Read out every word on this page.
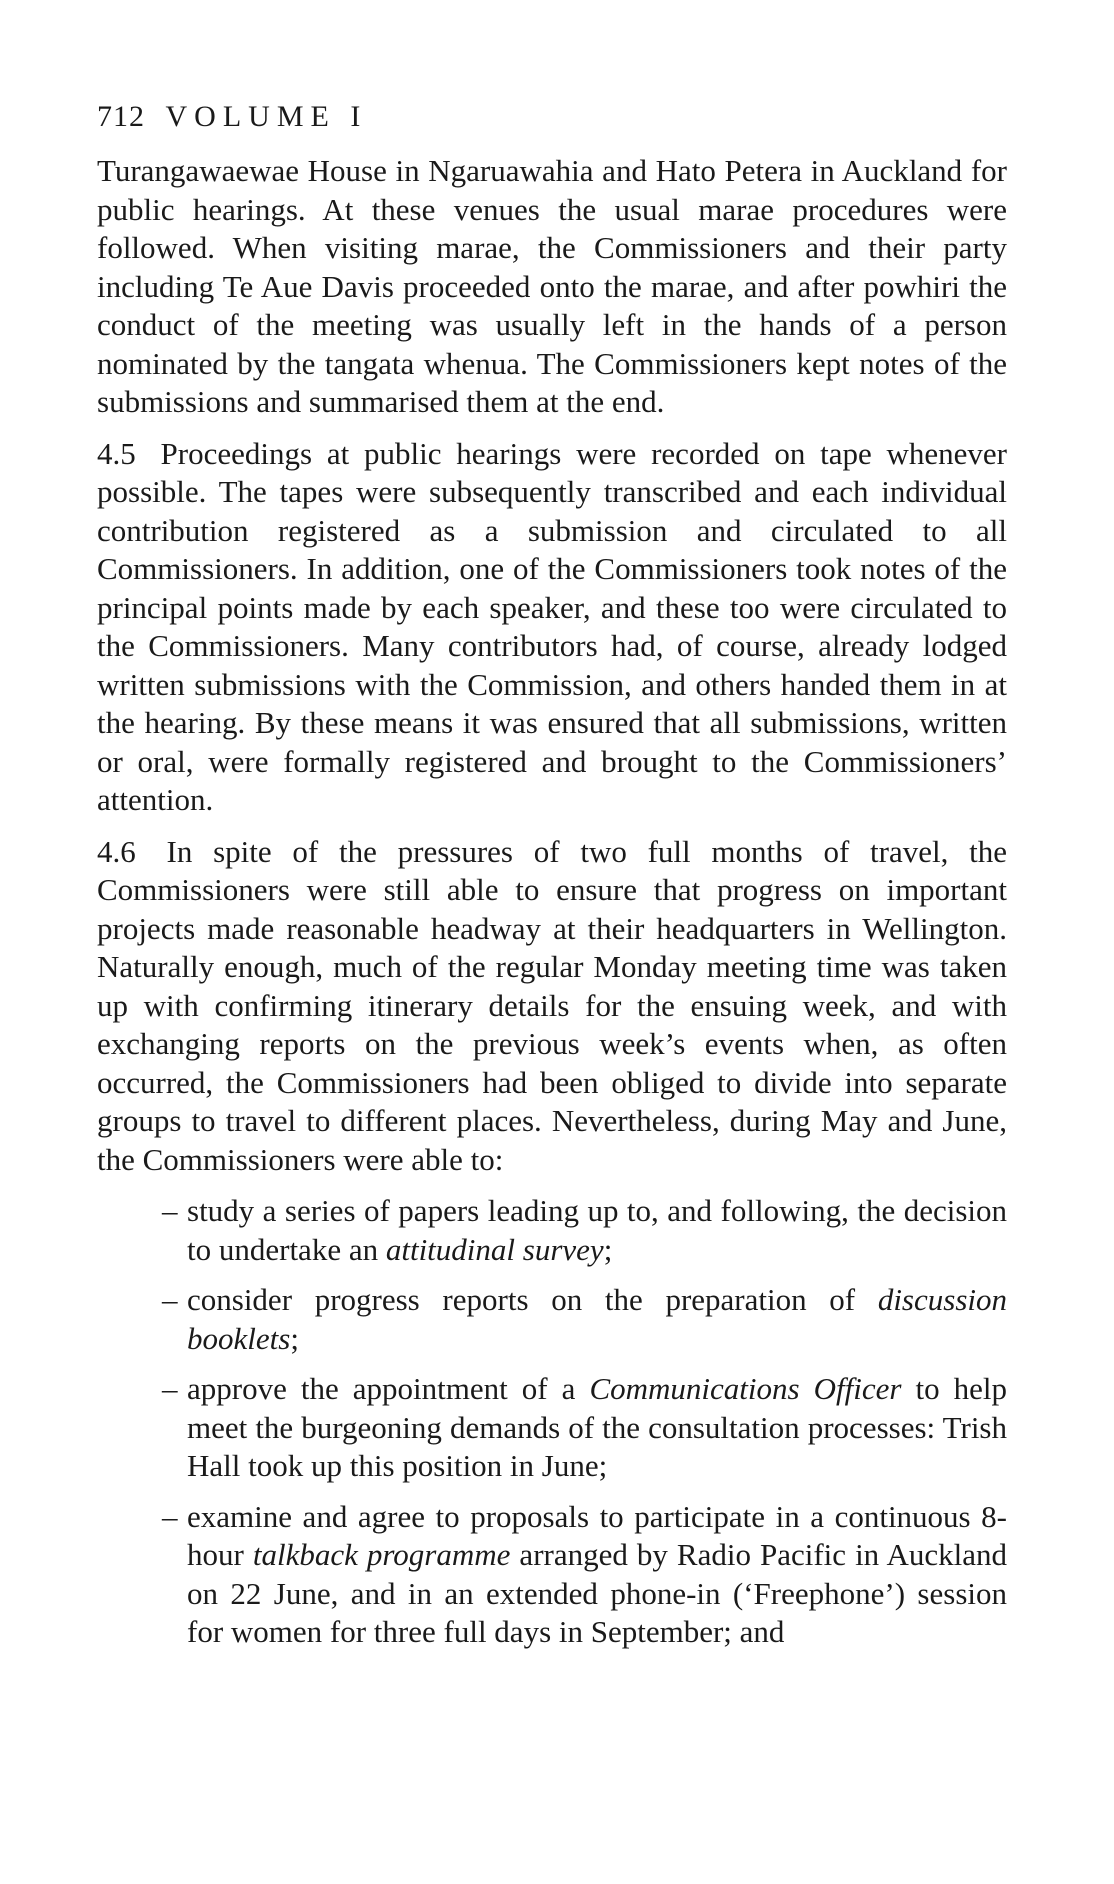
712 VOLUME I

Turangawaewae House in Ngaruawahia and Hato Petera in Auckland for public hearings. At these venues the usual marae procedures were followed. When visiting marae, the Commissioners and their party including Te Aue Davis proceeded onto the marae, and after powhiri the conduct of the meeting was usually left in the hands of a person nominated by the tangata whenua. The Commissioners kept notes of the submissions and summarised them at the end.

4.5 Proceedings at public hearings were recorded on tape whenever possible. The tapes were subsequently transcribed and each individual contribution registered as a submission and circulated to all Commissioners. In addition, one of the Commissioners took notes of the principal points made by each speaker, and these too were circulated to the Commissioners. Many contributors had, of course, already lodged written submissions with the Commission, and others handed them in at the hearing. By these means it was ensured that all submissions, written or oral, were formally registered and brought to the Commissioners’ attention.

4.6 In spite of the pressures of two full months of travel, the Commissioners were still able to ensure that progress on important projects made reasonable headway at their headquarters in Wellington. Naturally enough, much of the regular Monday meeting time was taken up with confirming itinerary details for the ensuing week, and with exchanging reports on the previous week’s events when, as often occurred, the Commissioners had been obliged to divide into separate groups to travel to different places. Nevertheless, during May and June, the Commissioners were able to:

– study a series of papers leading up to, and following, the decision to undertake an attitudinal survey;
– consider progress reports on the preparation of discussion booklets;
– approve the appointment of a Communications Officer to help meet the burgeoning demands of the consultation processes: Trish Hall took up this position in June;
– examine and agree to proposals to participate in a continuous 8-hour talkback programme arranged by Radio Pacific in Auckland on 22 June, and in an extended phone-in (‘Freephone’) session for women for three full days in September; and
